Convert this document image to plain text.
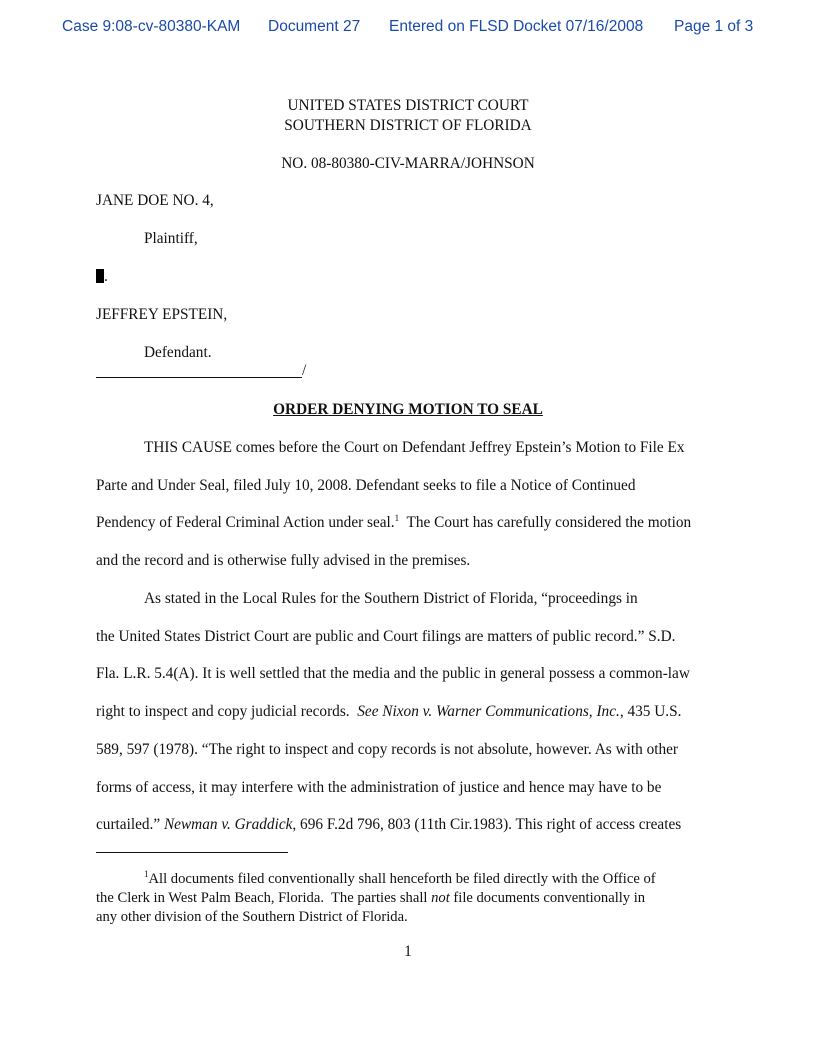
Case 9:08-cv-80380-KAM Document 27 Entered on FLSD Docket 07/16/2008 Page 1 of 3
UNITED STATES DISTRICT COURT
SOUTHERN DISTRICT OF FLORIDA
NO. 08-80380-CIV-MARRA/JOHNSON
JANE DOE NO. 4,
Plaintiff,
.
JEFFREY EPSTEIN,
Defendant.
/
ORDER DENYING MOTION TO SEAL
THIS CAUSE comes before the Court on Defendant Jeffrey Epstein’s Motion to File Ex
Parte and Under Seal, filed July 10, 2008. Defendant seeks to file a Notice of Continued
Pendency of Federal Criminal Action under seal.$^1$  The Court has carefully considered the motion
and the record and is otherwise fully advised in the premises.
As stated in the Local Rules for the Southern District of Florida, “proceedings in
the United States District Court are public and Court filings are matters of public record.” S.D.
Fla. L.R. 5.4(A). It is well settled that the media and the public in general possess a common-law
right to inspect and copy judicial records.  See Nixon v. Warner Communications, Inc., 435 U.S.
589, 597 (1978). “The right to inspect and copy records is not absolute, however. As with other
forms of access, it may interfere with the administration of justice and hence may have to be
curtailed.” Newman v. Graddick, 696 F.2d 796, 803 (11th Cir.1983). This right of access creates
$^1$All documents filed conventionally shall henceforth be filed directly with the Office of
the Clerk in West Palm Beach, Florida.  The parties shall not file documents conventionally in
any other division of the Southern District of Florida.
1
